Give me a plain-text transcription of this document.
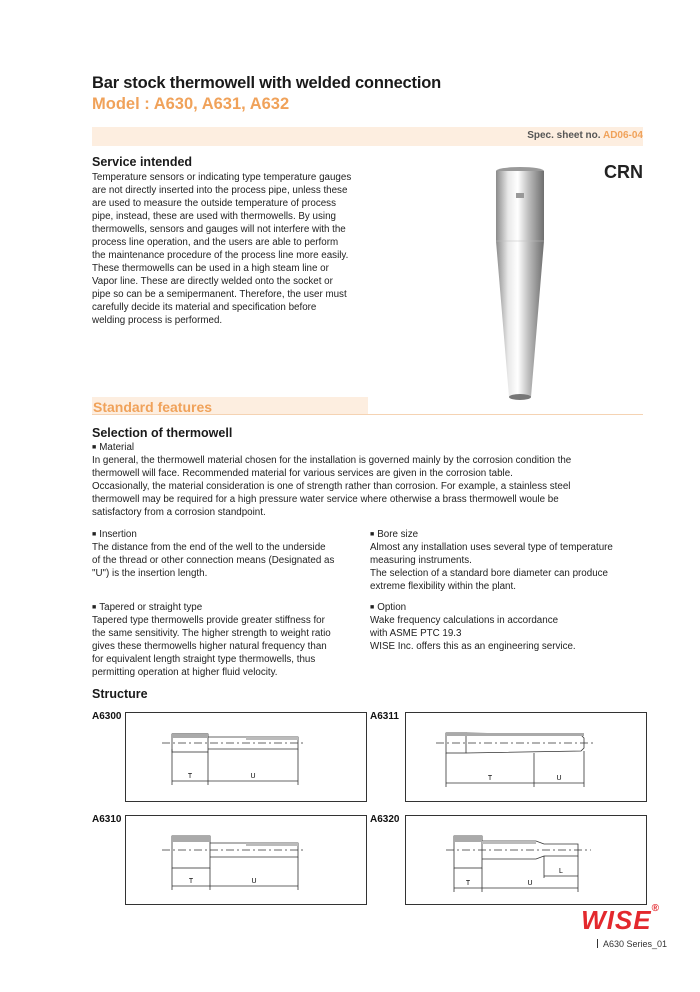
Bar stock thermowell with welded connection
Model : A630, A631, A632
Spec. sheet no. AD06-04
Service intended
Temperature sensors or indicating type temperature gauges
are not directly inserted into the process pipe, unless these
are used to measure the outside temperature of process
pipe, instead, these are used with thermowells. By using
thermowells, sensors and gauges will not interfere with the
process line operation, and the users are able to perform
the maintenance procedure of the process line more easily.
These thermowells can be used in a high steam line or
Vapor line. These are directly welded onto the socket or
pipe so can be a semipermanent. Therefore, the user must
carefully decide its material and specification before
welding process is performed.
CRN
Standard features
Selection of thermowell
■ Material
In general, the thermowell material chosen for the installation is governed mainly by the corrosion condition the
thermowell will face. Recommended material for various services are given in the corrosion table.
Occasionally, the material consideration is one of strength rather than corrosion. For example, a stainless steel
thermowell may be required for a high pressure water service where otherwise a brass thermowell woule be
satisfactory from a corrosion standpoint.
■ Insertion
The distance from the end of the well to the underside
of the thread or other connection means (Designated as
"U") is the insertion length.
■ Bore size
Almost any installation uses several type of temperature
measuring instruments.
The selection of a standard bore diameter can produce
extreme flexibility within the plant.
■ Tapered or straight type
Tapered type thermowells provide greater stiffness for
the same sensitivity. The higher strength to weight ratio
gives these thermowells higher natural frequency than
for equivalent length straight type thermowells, thus
permitting operation at higher fluid velocity.
■ Option
Wake frequency calculations in accordance
with ASME PTC 19.3
WISE Inc. offers this as an engineering service.
Structure
A6300
T	U
A6311
T	U
A6310
T	U
A6320
T	U
L
WISE®
A630 Series_01
